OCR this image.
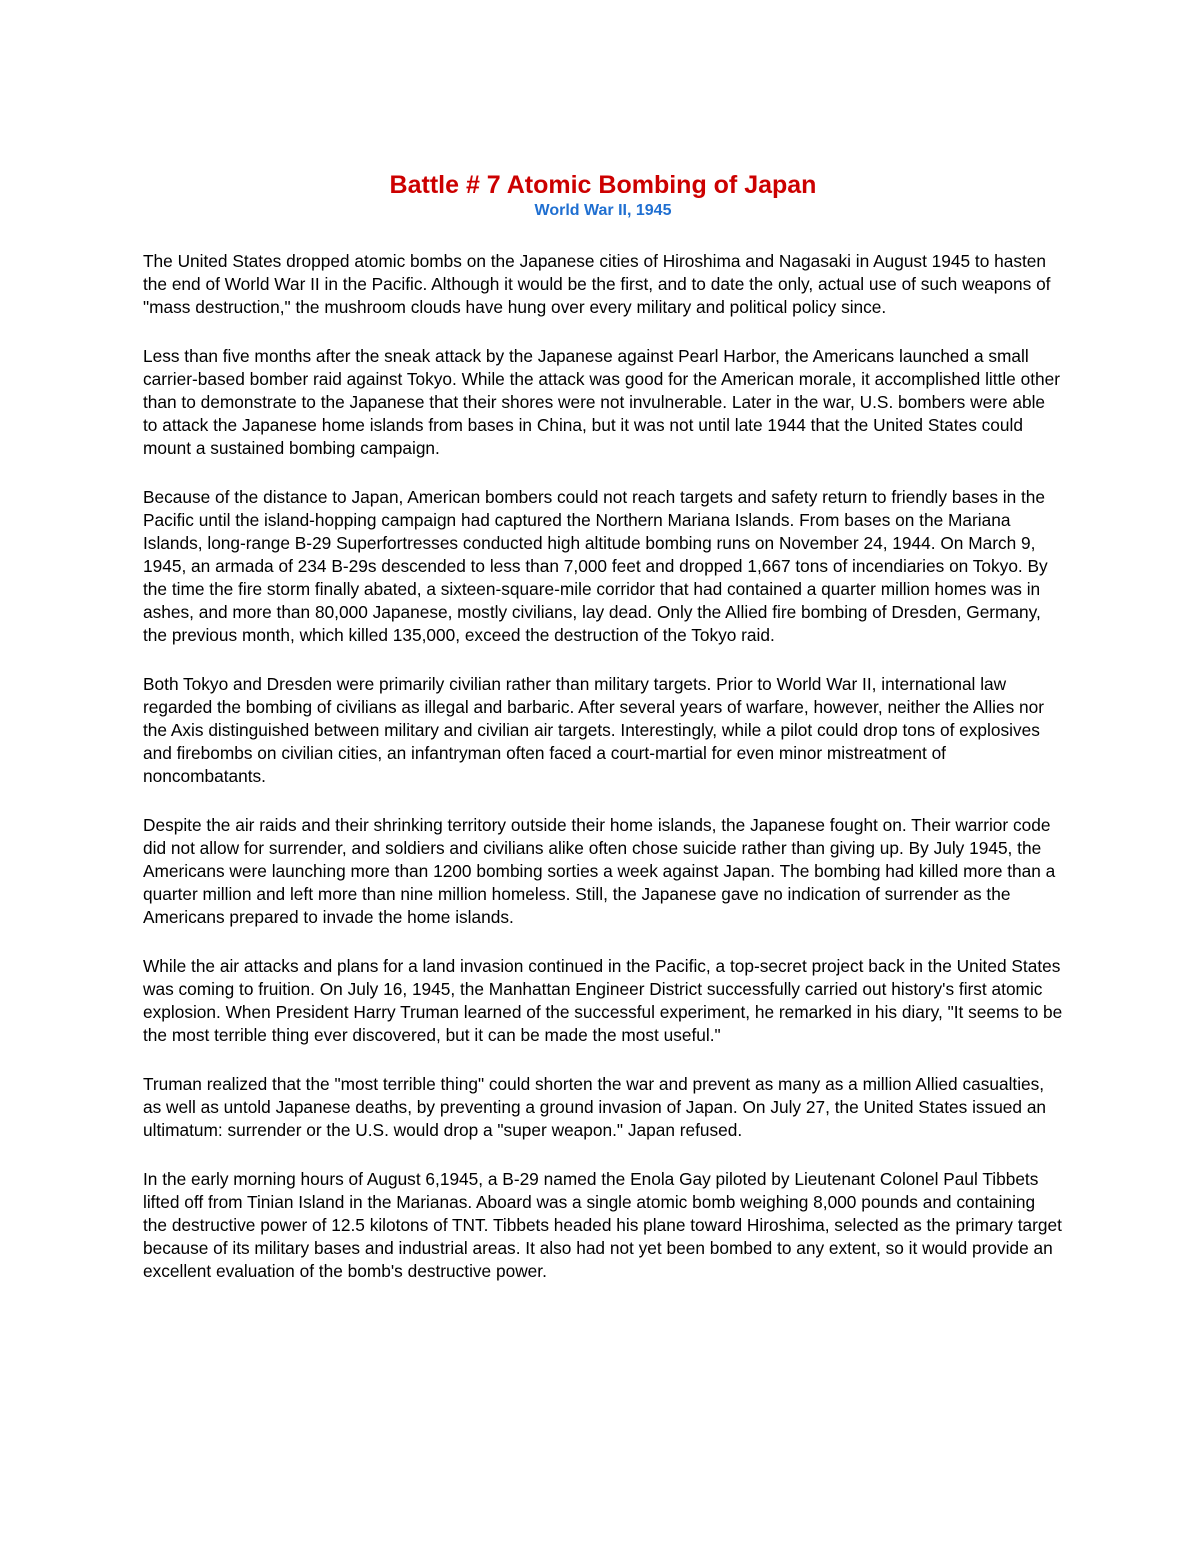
Battle # 7 Atomic Bombing of Japan
World War II, 1945

The United States dropped atomic bombs on the Japanese cities of Hiroshima and Nagasaki in August 1945 to hasten the end of World War II in the Pacific. Although it would be the first, and to date the only, actual use of such weapons of "mass destruction," the mushroom clouds have hung over every military and political policy since.

Less than five months after the sneak attack by the Japanese against Pearl Harbor, the Americans launched a small carrier-based bomber raid against Tokyo. While the attack was good for the American morale, it accomplished little other than to demonstrate to the Japanese that their shores were not invulnerable. Later in the war, U.S. bombers were able to attack the Japanese home islands from bases in China, but it was not until late 1944 that the United States could mount a sustained bombing campaign.

Because of the distance to Japan, American bombers could not reach targets and safety return to friendly bases in the Pacific until the island-hopping campaign had captured the Northern Mariana Islands. From bases on the Mariana Islands, long-range B-29 Superfortresses conducted high altitude bombing runs on November 24, 1944. On March 9, 1945, an armada of 234 B-29s descended to less than 7,000 feet and dropped 1,667 tons of incendiaries on Tokyo. By the time the fire storm finally abated, a sixteen-square-mile corridor that had contained a quarter million homes was in ashes, and more than 80,000 Japanese, mostly civilians, lay dead. Only the Allied fire bombing of Dresden, Germany, the previous month, which killed 135,000, exceed the destruction of the Tokyo raid.

Both Tokyo and Dresden were primarily civilian rather than military targets. Prior to World War II, international law regarded the bombing of civilians as illegal and barbaric. After several years of warfare, however, neither the Allies nor the Axis distinguished between military and civilian air targets. Interestingly, while a pilot could drop tons of explosives and firebombs on civilian cities, an infantryman often faced a court-martial for even minor mistreatment of noncombatants.

Despite the air raids and their shrinking territory outside their home islands, the Japanese fought on. Their warrior code did not allow for surrender, and soldiers and civilians alike often chose suicide rather than giving up. By July 1945, the Americans were launching more than 1200 bombing sorties a week against Japan. The bombing had killed more than a quarter million and left more than nine million homeless. Still, the Japanese gave no indication of surrender as the Americans prepared to invade the home islands.

While the air attacks and plans for a land invasion continued in the Pacific, a top-secret project back in the United States was coming to fruition. On July 16, 1945, the Manhattan Engineer District successfully carried out history's first atomic explosion. When President Harry Truman learned of the successful experiment, he remarked in his diary, "It seems to be the most terrible thing ever discovered, but it can be made the most useful."

Truman realized that the "most terrible thing" could shorten the war and prevent as many as a million Allied casualties, as well as untold Japanese deaths, by preventing a ground invasion of Japan. On July 27, the United States issued an ultimatum: surrender or the U.S. would drop a "super weapon." Japan refused.

In the early morning hours of August 6,1945, a B-29 named the Enola Gay piloted by Lieutenant Colonel Paul Tibbets lifted off from Tinian Island in the Marianas. Aboard was a single atomic bomb weighing 8,000 pounds and containing the destructive power of 12.5 kilotons of TNT. Tibbets headed his plane toward Hiroshima, selected as the primary target because of its military bases and industrial areas. It also had not yet been bombed to any extent, so it would provide an excellent evaluation of the bomb's destructive power.
